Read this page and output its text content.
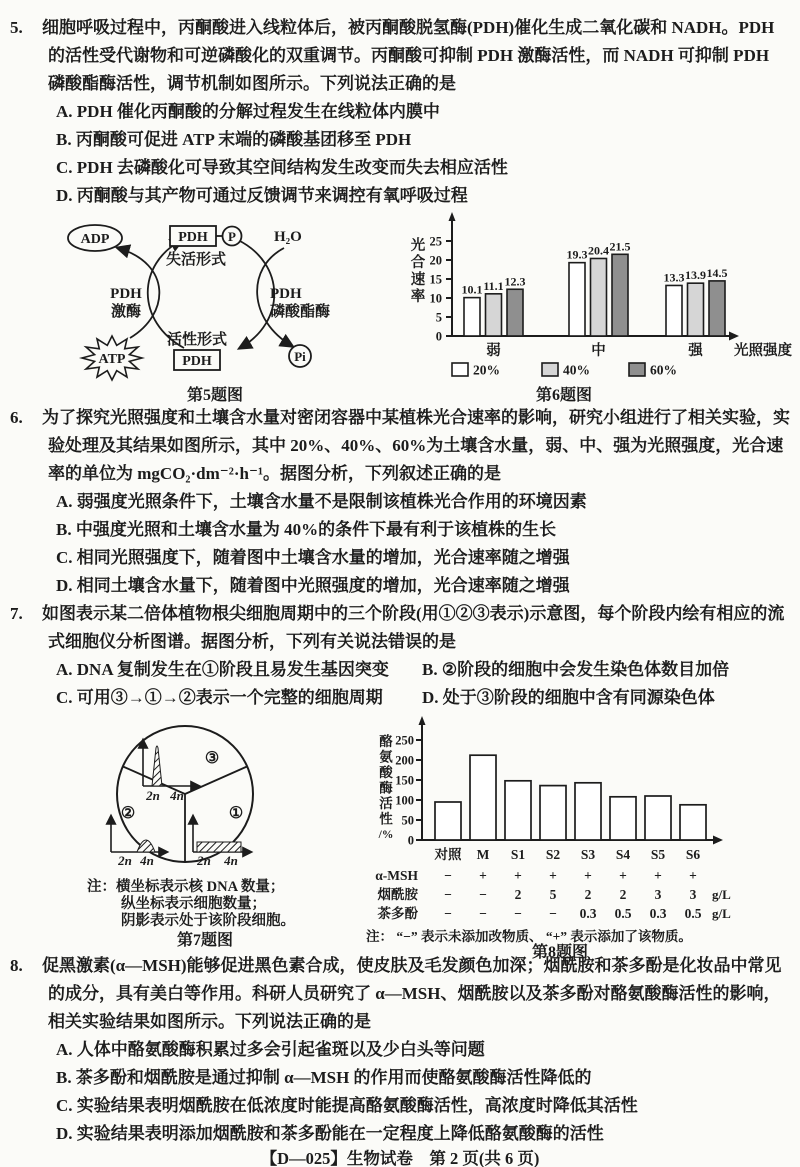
5. 细胞呼吸过程中，丙酮酸进入线粒体后，被丙酮酸脱氢酶(PDH)催化生成二氧化碳和 NADH。PDH 的活性受代谢物和可逆磷酸化的双重调节。丙酮酸可抑制 PDH 激酶活性，而 NADH 可抑制 PDH 磷酸酯酶活性，调节机制如图所示。下列说法正确的是
A. PDH 催化丙酮酸的分解过程发生在线粒体内膜中
B. 丙酮酸可促进 ATP 末端的磷酸基团移至 PDH
C. PDH 去磷酸化可导致其空间结构发生改变而失去相应活性
D. 丙酮酸与其产物可通过反馈调节来调控有氧呼吸过程
ADP	PDH P
失活形式
H₂O
PDH
激酶
PDH
磷酸酯酶
活性形式
PDH
ATP	Pi
第5题图
0
5
10
15
20
25
光
合
速
率	10.1 11.1 12.3
弱
19.3 20.4 21.5
中
13.3 13.9 14.5
强 光照强度
20%	40%	60%
第6题图
6. 为了探究光照强度和土壤含水量对密闭容器中某植株光合速率的影响，研究小组进行了相关实验，实验处理及其结果如图所示，其中 20%、40%、60%为土壤含水量，弱、中、强为光照强度，光合速率的单位为 mgCO₂·dm⁻²·h⁻¹。据图分析，下列叙述正确的是
A. 弱强度光照条件下，土壤含水量不是限制该植株光合作用的环境因素
B. 中强度光照和土壤含水量为 40%的条件下最有利于该植株的生长
C. 相同光照强度下，随着图中土壤含水量的增加，光合速率随之增强
D. 相同土壤含水量下，随着图中光照强度的增加，光合速率随之增强
7. 如图表示某二倍体植物根尖细胞周期中的三个阶段(用①②③表示)示意图，每个阶段内绘有相应的流式细胞仪分析图谱。据图分析，下列有关说法错误的是
A. DNA 复制发生在①阶段且易发生基因突变	B. ②阶段的细胞中会发生染色体数目加倍
C. 可用③→①→②表示一个完整的细胞周期	D. 处于③阶段的细胞中含有同源染色体
2n 4n
③
2n 4n
②
2n 4n
①
注：横坐标表示核 DNA 数量；
纵坐标表示细胞数量；
阴影表示处于该阶段细胞。
第7题图
0
50
100
150
200
250
酪
氨
酸
酶
活
性
/%
对照 M S1 S2 S3 S4 S5 S6
α-MSH − + + + + + + +
烟酰胺 − − 2 5 2 2 3 3 g/L
茶多酚 − − − − 0.3 0.5 0.3 0.5 g/L
注： “−” 表示未添加改物质、 “+” 表示添加了该物质。
第8题图
8. 促黑激素(α—MSH)能够促进黑色素合成，使皮肤及毛发颜色加深；烟酰胺和茶多酚是化妆品中常见的成分，具有美白等作用。科研人员研究了 α—MSH、烟酰胺以及茶多酚对酪氨酸酶活性的影响，相关实验结果如图所示。下列说法正确的是
A. 人体中酪氨酸酶积累过多会引起雀斑以及少白头等问题
B. 茶多酚和烟酰胺是通过抑制 α—MSH 的作用而使酪氨酸酶活性降低的
C. 实验结果表明烟酰胺在低浓度时能提高酪氨酸酶活性，高浓度时降低其活性
D. 实验结果表明添加烟酰胺和茶多酚能在一定程度上降低酪氨酸酶的活性
【D—025】生物试卷　第 2 页(共 6 页)
